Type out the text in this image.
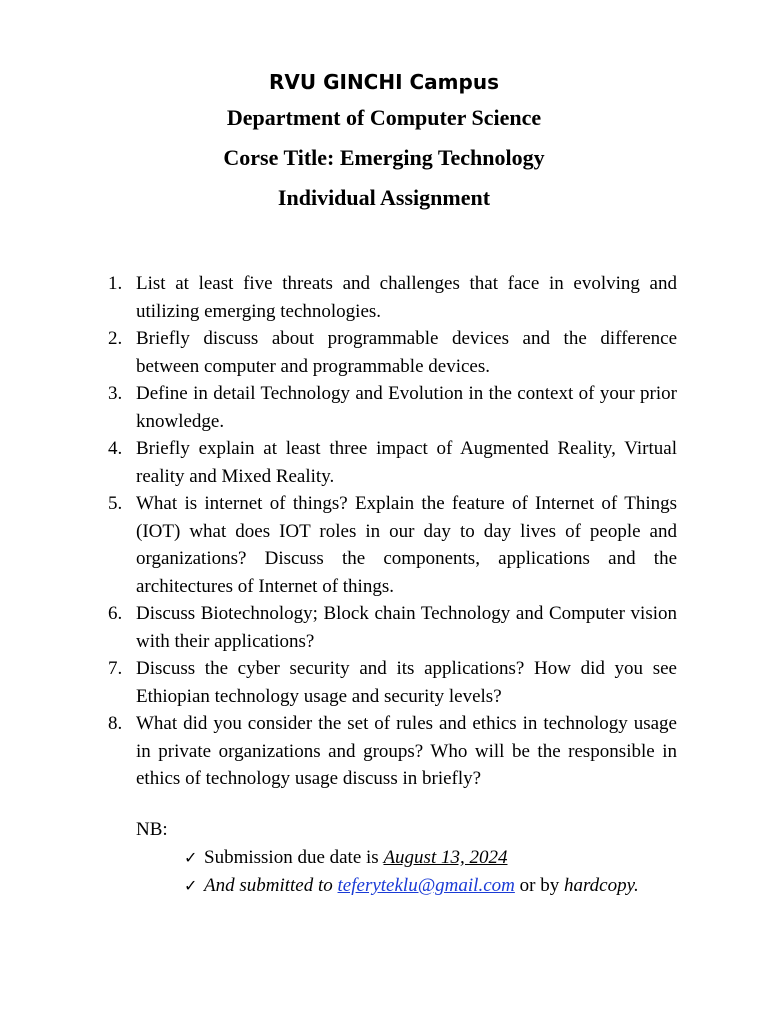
RVU GINCHI Campus
Department of Computer Science
Corse Title: Emerging Technology
Individual Assignment
1. List at least five threats and challenges that face in evolving and utilizing emerging technologies.
2. Briefly discuss about programmable devices and the difference between computer and programmable devices.
3. Define in detail Technology and Evolution in the context of your prior knowledge.
4. Briefly explain at least three impact of Augmented Reality, Virtual reality and Mixed Reality.
5. What is internet of things? Explain the feature of Internet of Things (IOT) what does IOT roles in our day to day lives of people and organizations? Discuss the components, applications and the architectures of Internet of things.
6. Discuss Biotechnology; Block chain Technology and Computer vision with their applications?
7. Discuss the cyber security and its applications? How did you see Ethiopian technology usage and security levels?
8. What did you consider the set of rules and ethics in technology usage in private organizations and groups? Who will be the responsible in ethics of technology usage discuss in briefly?
NB:
✓ Submission due date is August 13, 2024
✓ And submitted to teferyteklu@gmail.com or by hardcopy.
